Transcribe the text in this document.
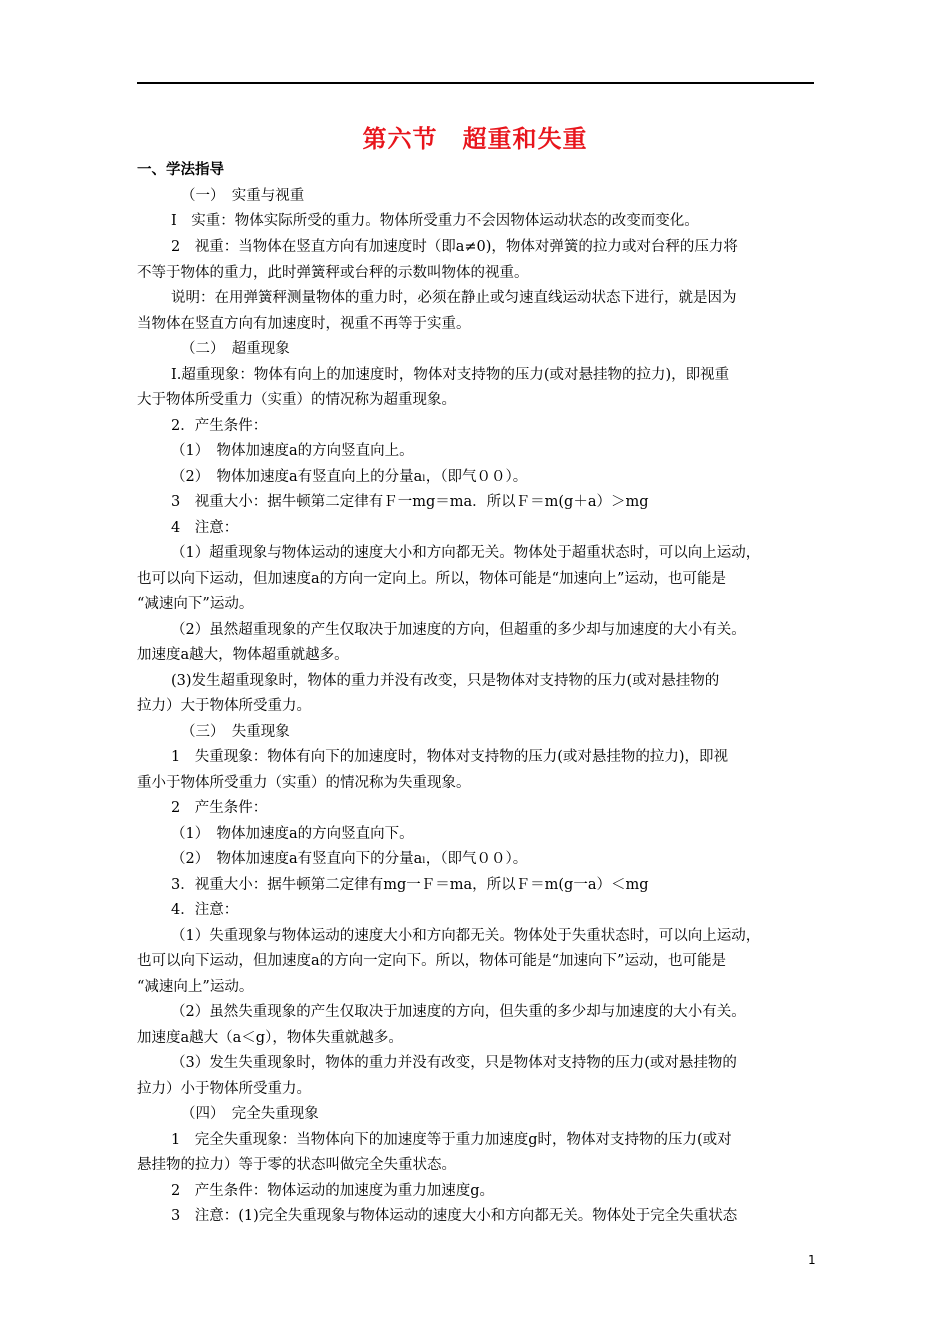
第六节　超重和失重
一、学法指导
（一）　实重与视重
I　实重：物体实际所受的重力。物体所受重力不会因物体运动状态的改变而变化。
2　视重：当物体在竖直方向有加速度时（即a≠0)，物体对弹簧的拉力或对台秤的压力将
不等于物体的重力，此时弹簧秤或台秤的示数叫物体的视重。
说明：在用弹簧秤测量物体的重力时，必须在静止或匀速直线运动状态下进行，就是因为
当物体在竖直方向有加速度时，视重不再等于实重。
（二）　超重现象
I.超重现象：物体有向上的加速度时，物体对支持物的压力(或对悬挂物的拉力)，即视重
大于物体所受重力（实重）的情况称为超重现象。
2．产生条件：
（1）　物体加速度a的方向竖直向上。
（2）　物体加速度a有竖直向上的分量aₗ，（即气００）。
3　视重大小：据牛顿第二定律有Ｆ一mg＝ma．所以Ｆ＝m(g＋a）＞mg
4　注意：
（1）超重现象与物体运动的速度大小和方向都无关。物体处于超重状态时，可以向上运动，
也可以向下运动，但加速度a的方向一定向上。所以，物体可能是“加速向上”运动，也可能是
“减速向下”运动。
（2）虽然超重现象的产生仅取决于加速度的方向，但超重的多少却与加速度的大小有关。
加速度a越大，物体超重就越多。
(3)发生超重现象时，物体的重力并没有改变，只是物体对支持物的压力(或对悬挂物的
拉力）大于物体所受重力。
（三）　失重现象
1　失重现象：物体有向下的加速度时，物体对支持物的压力(或对悬挂物的拉力)，即视
重小于物体所受重力（实重）的情况称为失重现象。
2　产生条件：
（1）　物体加速度a的方向竖直向下。
（2）　物体加速度a有竖直向下的分量aₗ，（即气００）。
3．视重大小：据牛顿第二定律有mg一Ｆ＝ma，所以Ｆ＝m(g一a）＜mg
4．注意：
（1）失重现象与物体运动的速度大小和方向都无关。物体处于失重状态时，可以向上运动，
也可以向下运动，但加速度a的方向一定向下。所以，物体可能是“加速向下”运动，也可能是
“减速向上”运动。
（2）虽然失重现象的产生仅取决于加速度的方向，但失重的多少却与加速度的大小有关。
加速度a越大（a＜g），物体失重就越多。
（3）发生失重现象时，物体的重力并没有改变，只是物体对支持物的压力(或对悬挂物的
拉力）小于物体所受重力。
（四）　完全失重现象
1　完全失重现象：当物体向下的加速度等于重力加速度g时，物体对支持物的压力(或对
悬挂物的拉力）等于零的状态叫做完全失重状态。
2　产生条件：物体运动的加速度为重力加速度g。
3　注意：(1)完全失重现象与物体运动的速度大小和方向都无关。物体处于完全失重状态
1
